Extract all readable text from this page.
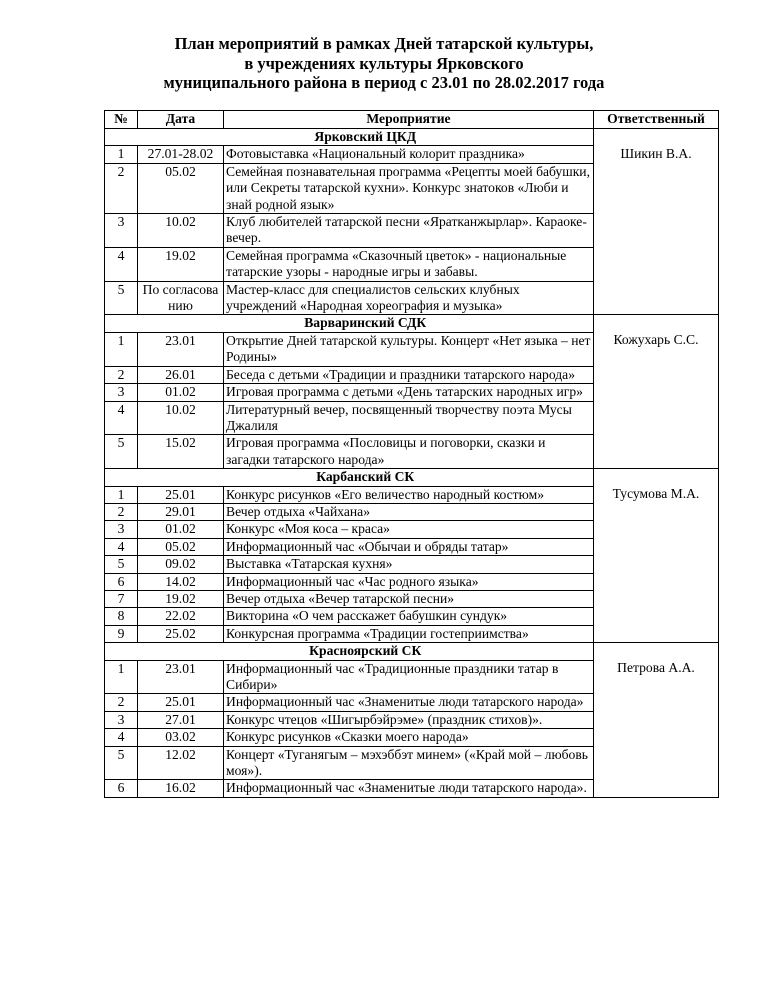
План мероприятий в рамках Дней татарской культуры,
в учреждениях культуры Ярковского
муниципального района в период с 23.01 по 28.02.2017 года
№	Дата	Мероприятие	Ответственный
	Ярковский ЦКД		
1	27.01-​28.02	Фотовыставка «Национальный колорит праздника»	Шикин В.А.
2	05.02	Семейная познавательная программа «Рецепты моей бабушки, или Секреты татарской кухни». Конкурс знатоков «Люби и знай родной язык»	
3	10.02	Клуб любителей татарской песни «Яратканжырлар». Караоке-вечер.	
4	19.02	Семейная программа «Сказочный цветок» - национальные татарские узоры - народные игры и забавы.	
5	По согласова​нию	Мастер-класс для специалистов сельских клубных учреждений «Народная хореография и музыка»	
	Варваринский СДК		
1	23.01	Открытие Дней татарской культуры. Концерт «Нет языка – нет Родины»	Кожухарь С.С.
2	26.01	Беседа с детьми «Традиции и праздники татарского народа»	
3	01.02	Игровая программа с детьми «День татарских народных игр»	
4	10.02	Литературный вечер, посвященный творчеству поэта Мусы Джалиля	
5	15.02	Игровая программа «Пословицы и поговорки, сказки и загадки татарского народа»	
	Карбанский СК		
1	25.01	Конкурс рисунков «Его величество народный костюм»	Тусумова М.А.
2	29.01	Вечер отдыха «Чайхана»	
3	01.02	Конкурс «Моя коса – краса»	
4	05.02	Информационный час «Обычаи и обряды татар»	
5	09.02	Выставка «Татарская кухня»	
6	14.02	Информационный час «Час родного языка»	
7	19.02	Вечер отдыха «Вечер татарской песни»	
8	22.02	Викторина «О чем расскажет бабушкин сундук»	
9	25.02	Конкурсная программа «Традиции гостеприимства»	
	Красноярский СК		
1	23.01	Информационный час «Традиционные праздники татар в Сибири»	Петрова А.А.
2	25.01	Информационный час «Знаменитые люди татарского народа»	
3	27.01	Конкурс чтецов «Шигырбэйрэме» (праздник стихов)».	
4	03.02	Конкурс рисунков «Сказки моего народа»	
5	12.02	Концерт «Туганягым – мэхэббэт минем» («Край мой – любовь моя»).	
6	16.02	Информационный час «Знаменитые люди татарского народа».	
